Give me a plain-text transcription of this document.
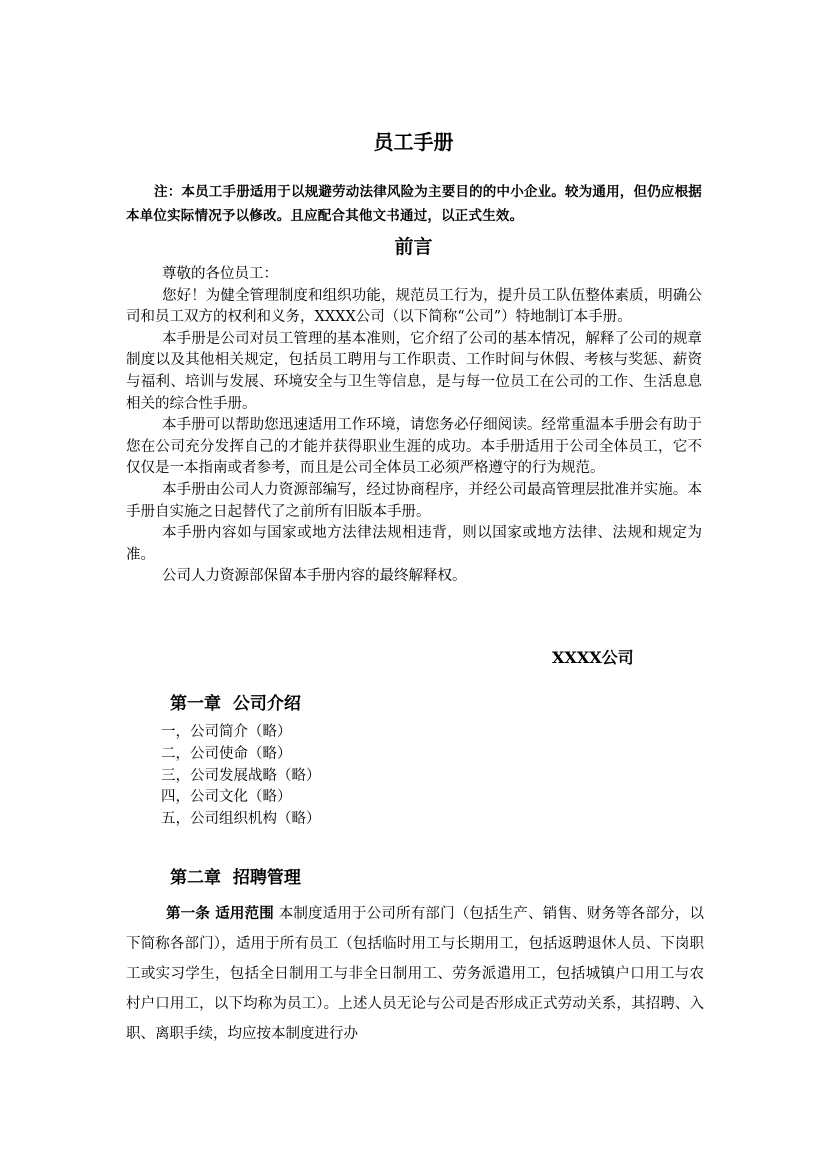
员工手册
注：本员工手册适用于以规避劳动法律风险为主要目的的中小企业。较为通用，但仍应根据本单位实际情况予以修改。且应配合其他文书通过，以正式生效。
前言

尊敬的各位员工：

您好！为健全管理制度和组织功能，规范员工行为，提升员工队伍整体素质，明确公司和员工双方的权利和义务，XXXX公司（以下简称“公司”）特地制订本手册。

本手册是公司对员工管理的基本准则，它介绍了公司的基本情况，解释了公司的规章制度以及其他相关规定，包括员工聘用与工作职责、工作时间与休假、考核与奖惩、薪资与福利、培训与发展、环境安全与卫生等信息，是与每一位员工在公司的工作、生活息息相关的综合性手册。

本手册可以帮助您迅速适用工作环境，请您务必仔细阅读。经常重温本手册会有助于您在公司充分发挥自己的才能并获得职业生涯的成功。本手册适用于公司全体员工，它不仅仅是一本指南或者参考，而且是公司全体员工必须严格遵守的行为规范。

本手册由公司人力资源部编写，经过协商程序，并经公司最高管理层批准并实施。本手册自实施之日起替代了之前所有旧版本手册。

本手册内容如与国家或地方法律法规相违背，则以国家或地方法律、法规和规定为准。

公司人力资源部保留本手册内容的最终解释权。

XXXX公司
第一章  公司介绍
一，公司简介（略）
二，公司使命（略）
三，公司发展战略（略）
四，公司文化（略）
五，公司组织机构（略）
第二章  招聘管理

第一条 适用范围 本制度适用于公司所有部门（包括生产、销售、财务等各部分，以下简称各部门），适用于所有员工（包括临时用工与长期用工，包括返聘退休人员、下岗职工或实习学生，包括全日制用工与非全日制用工、劳务派遣用工，包括城镇户口用工与农村户口用工，以下均称为员工）。上述人员无论与公司是否形成正式劳动关系，其招聘、入职、离职手续，均应按本制度进行办
